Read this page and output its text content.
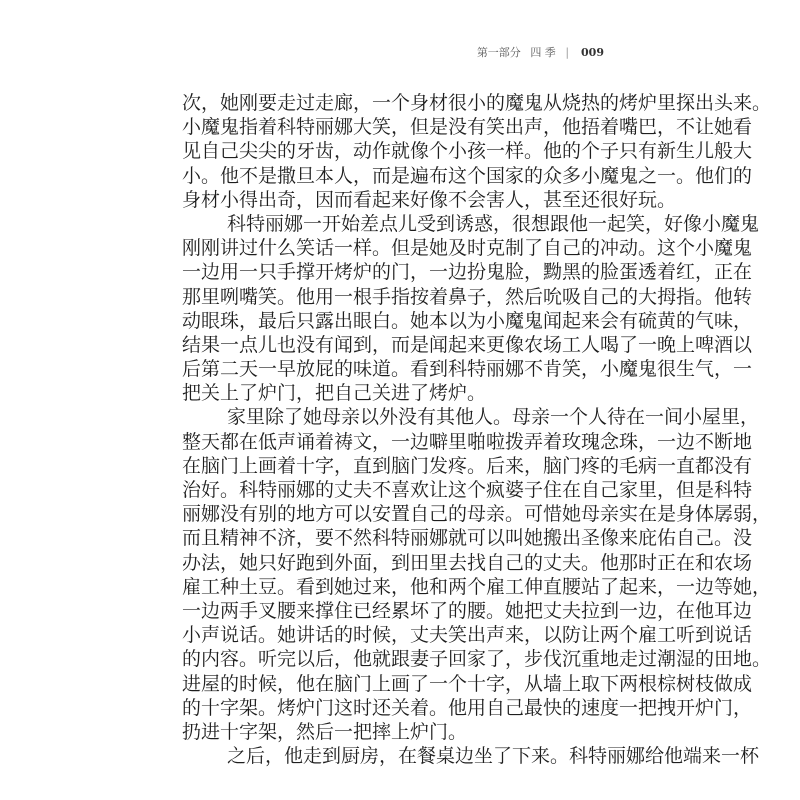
第一部分 四 季 | 009
次，她刚要走过走廊，一个身材很小的魔鬼从烧热的烤炉里探出头来。
小魔鬼指着科特丽娜大笑，但是没有笑出声，他捂着嘴巴，不让她看
见自己尖尖的牙齿，动作就像个小孩一样。他的个子只有新生儿般大
小。他不是撒旦本人，而是遍布这个国家的众多小魔鬼之一。他们的
身材小得出奇，因而看起来好像不会害人，甚至还很好玩。
科特丽娜一开始差点儿受到诱惑，很想跟他一起笑，好像小魔鬼
刚刚讲过什么笑话一样。但是她及时克制了自己的冲动。这个小魔鬼
一边用一只手撑开烤炉的门，一边扮鬼脸，黝黑的脸蛋透着红，正在
那里咧嘴笑。他用一根手指按着鼻子，然后吮吸自己的大拇指。他转
动眼珠，最后只露出眼白。她本以为小魔鬼闻起来会有硫黄的气味，
结果一点儿也没有闻到，而是闻起来更像农场工人喝了一晚上啤酒以
后第二天一早放屁的味道。看到科特丽娜不肯笑，小魔鬼很生气，一
把关上了炉门，把自己关进了烤炉。
家里除了她母亲以外没有其他人。母亲一个人待在一间小屋里，
整天都在低声诵着祷文，一边噼里啪啦拨弄着玫瑰念珠，一边不断地
在脑门上画着十字，直到脑门发疼。后来，脑门疼的毛病一直都没有
治好。科特丽娜的丈夫不喜欢让这个疯婆子住在自己家里，但是科特
丽娜没有别的地方可以安置自己的母亲。可惜她母亲实在是身体孱弱，
而且精神不济，要不然科特丽娜就可以叫她搬出圣像来庇佑自己。没
办法，她只好跑到外面，到田里去找自己的丈夫。他那时正在和农场
雇工种土豆。看到她过来，他和两个雇工伸直腰站了起来，一边等她，
一边两手叉腰来撑住已经累坏了的腰。她把丈夫拉到一边，在他耳边
小声说话。她讲话的时候，丈夫笑出声来，以防让两个雇工听到说话
的内容。听完以后，他就跟妻子回家了，步伐沉重地走过潮湿的田地。
进屋的时候，他在脑门上画了一个十字，从墙上取下两根棕树枝做成
的十字架。烤炉门这时还关着。他用自己最快的速度一把拽开炉门，
扔进十字架，然后一把摔上炉门。
之后，他走到厨房，在餐桌边坐了下来。科特丽娜给他端来一杯
